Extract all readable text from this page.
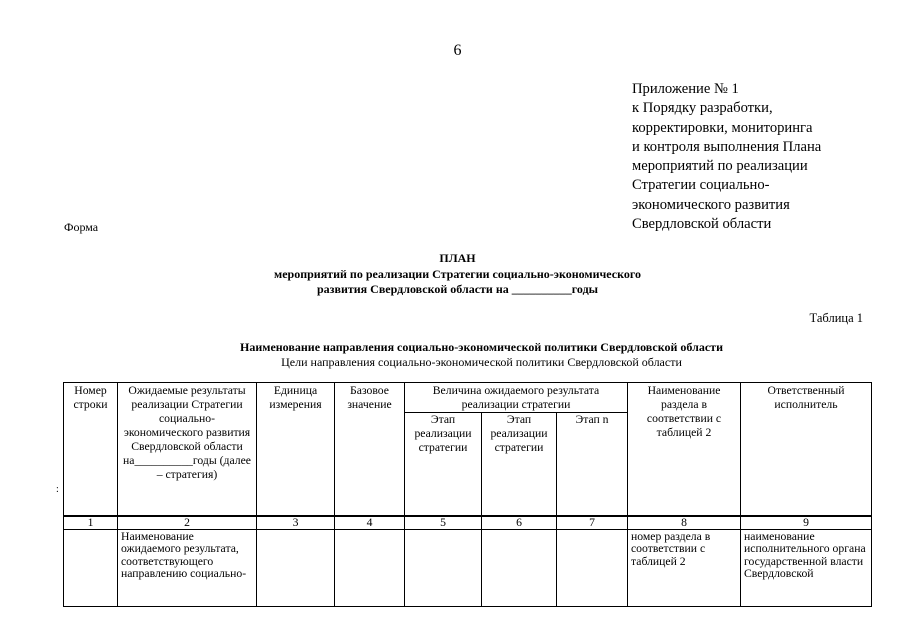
6
Приложение № 1
к Порядку разработки,
корректировки, мониторинга
и контроля выполнения Плана
мероприятий по реализации
Стратегии социально-
экономического развития
Свердловской области
Форма
ПЛАН
мероприятий по реализации Стратегии социально-экономического
развития Свердловской области на __________годы
Таблица 1
Наименование направления социально-экономической политики Свердловской области
Цели направления социально-экономической политики Свердловской области
:
Номер строки	Ожидаемые результаты реализации Стратегии социально-экономического развития Свердловской области на__________годы (далее – стратегия)	Единица измерения	Базовое значение	Величина ожидаемого результата реализации стратегии			Наименование раздела в соответствии с таблицей 2	Ответственный исполнитель
				Этап реализации стратегии	Этап реализации стратегии	Этап n		
1	2	3	4	5	6	7	8	9
	Наименование ожидаемого результата, соответствующего направлению социально-						номер раздела в соответствии с таблицей 2	наименование исполнительного органа государственной власти Свердловской
